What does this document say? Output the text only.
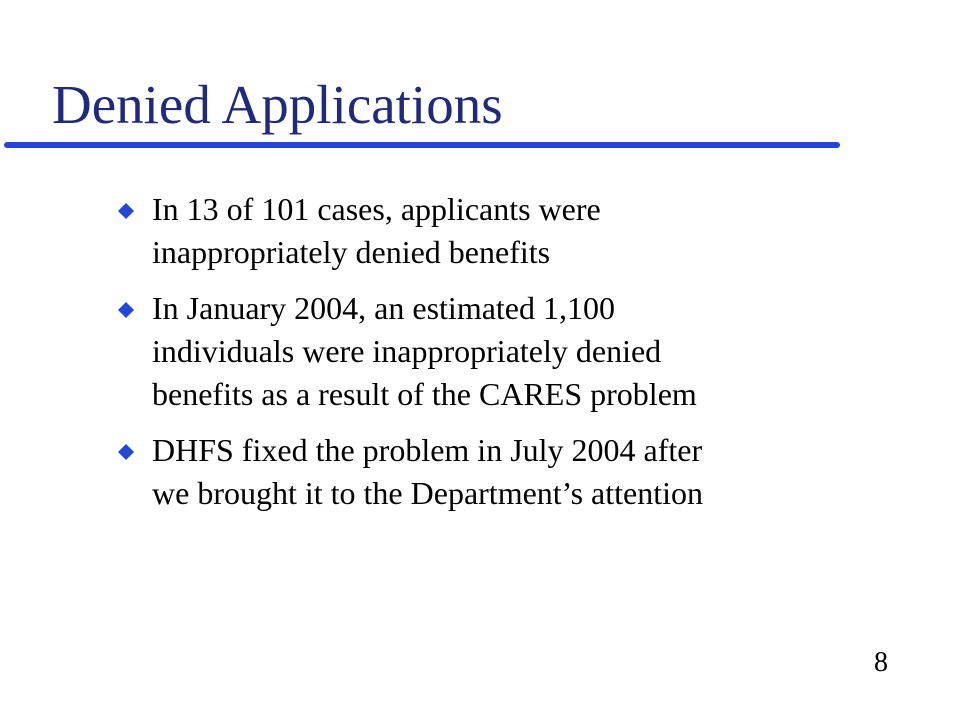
Denied Applications
In 13 of 101 cases, applicants were
inappropriately denied benefits
In January 2004, an estimated 1,100
individuals were inappropriately denied
benefits as a result of the CARES problem
DHFS fixed the problem in July 2004 after
we brought it to the Department’s attention
8
